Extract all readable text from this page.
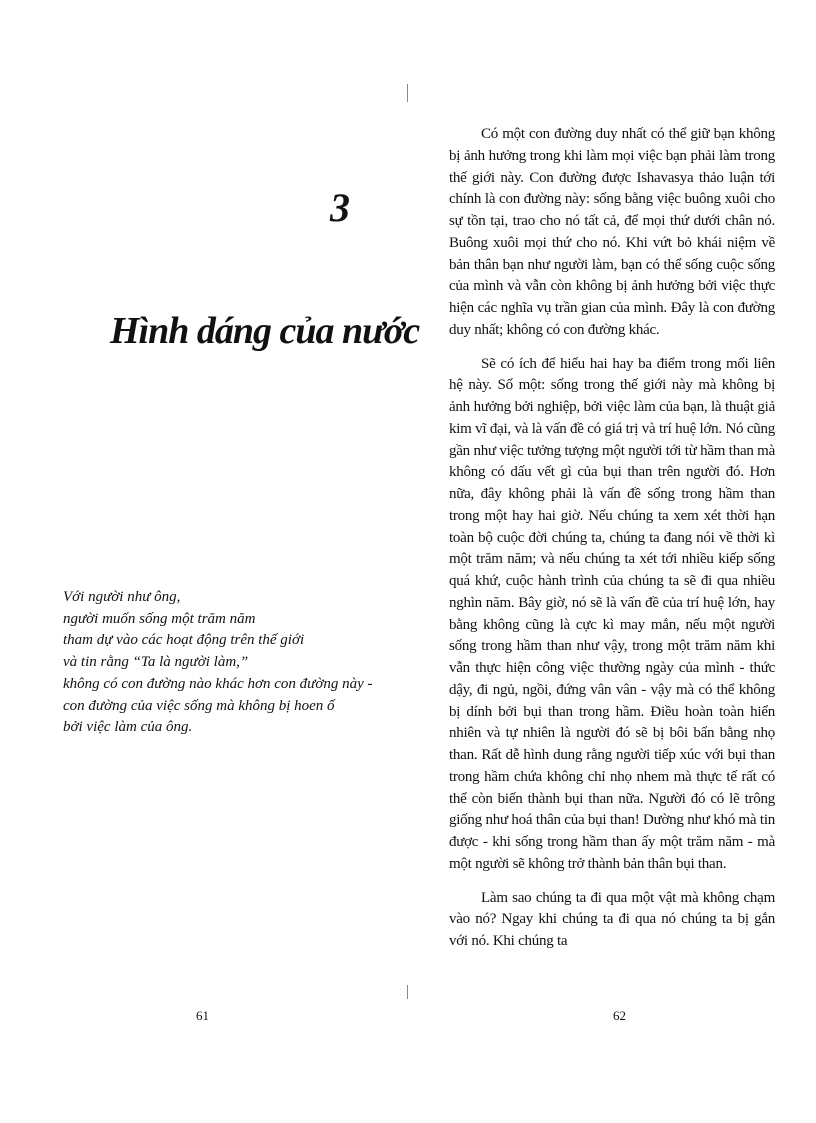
3
Hình dáng của nước

Với người như ông,
người muốn sống một trăm năm
tham dự vào các hoạt động trên thế giới
và tin rằng “Ta là người làm,”
không có con đường nào khác hơn con đường này -
con đường của việc sống mà không bị hoen ố
bởi việc làm của ông.

61

Có một con đường duy nhất có thể giữ bạn không bị ảnh hưởng trong khi làm mọi việc bạn phải làm trong thế giới này. Con đường được Ishavasya thảo luận tới chính là con đường này: sống bằng việc buông xuôi cho sự tồn tại, trao cho nó tất cả, để mọi thứ dưới chân nó. Buông xuôi mọi thứ cho nó. Khi vứt bỏ khái niệm về bản thân bạn như người làm, bạn có thể sống cuộc sống của mình và vẫn còn không bị ảnh hưởng bởi việc thực hiện các nghĩa vụ trần gian của mình. Đây là con đường duy nhất; không có con đường khác.

Sẽ có ích để hiểu hai hay ba điểm trong mối liên hệ này. Số một: sống trong thế giới này mà không bị ảnh hưởng bởi nghiệp, bởi việc làm của bạn, là thuật giả kim vĩ đại, và là vấn đề có giá trị và trí huệ lớn. Nó cũng gần như việc tưởng tượng một người tới từ hầm than mà không có dấu vết gì của bụi than trên người đó. Hơn nữa, đây không phải là vấn đề sống trong hầm than trong một hay hai giờ. Nếu chúng ta xem xét thời hạn toàn bộ cuộc đời chúng ta, chúng ta đang nói về thời kì một trăm năm; và nếu chúng ta xét tới nhiều kiếp sống quá khứ, cuộc hành trình của chúng ta sẽ đi qua nhiều nghìn năm. Bây giờ, nó sẽ là vấn đề của trí huệ lớn, hay bằng không cũng là cực kì may mắn, nếu một người sống trong hầm than như vậy, trong một trăm năm khi vẫn thực hiện công việc thường ngày của mình - thức dậy, đi ngủ, ngồi, đứng vân vân - vậy mà có thể không bị dính bởi bụi than trong hầm. Điều hoàn toàn hiển nhiên và tự nhiên là người đó sẽ bị bôi bẩn bằng nhọ than. Rất dễ hình dung rằng người tiếp xúc với bụi than trong hầm chứa không chỉ nhọ nhem mà thực tế rất có thể còn biến thành bụi than nữa. Người đó có lẽ trông giống như hoá thân của bụi than! Dường như khó mà tin được - khi sống trong hầm than ấy một trăm năm - mà một người sẽ không trở thành bản thân bụi than.

Làm sao chúng ta đi qua một vật mà không chạm vào nó? Ngay khi chúng ta đi qua nó chúng ta bị gắn với nó. Khi chúng ta

62
